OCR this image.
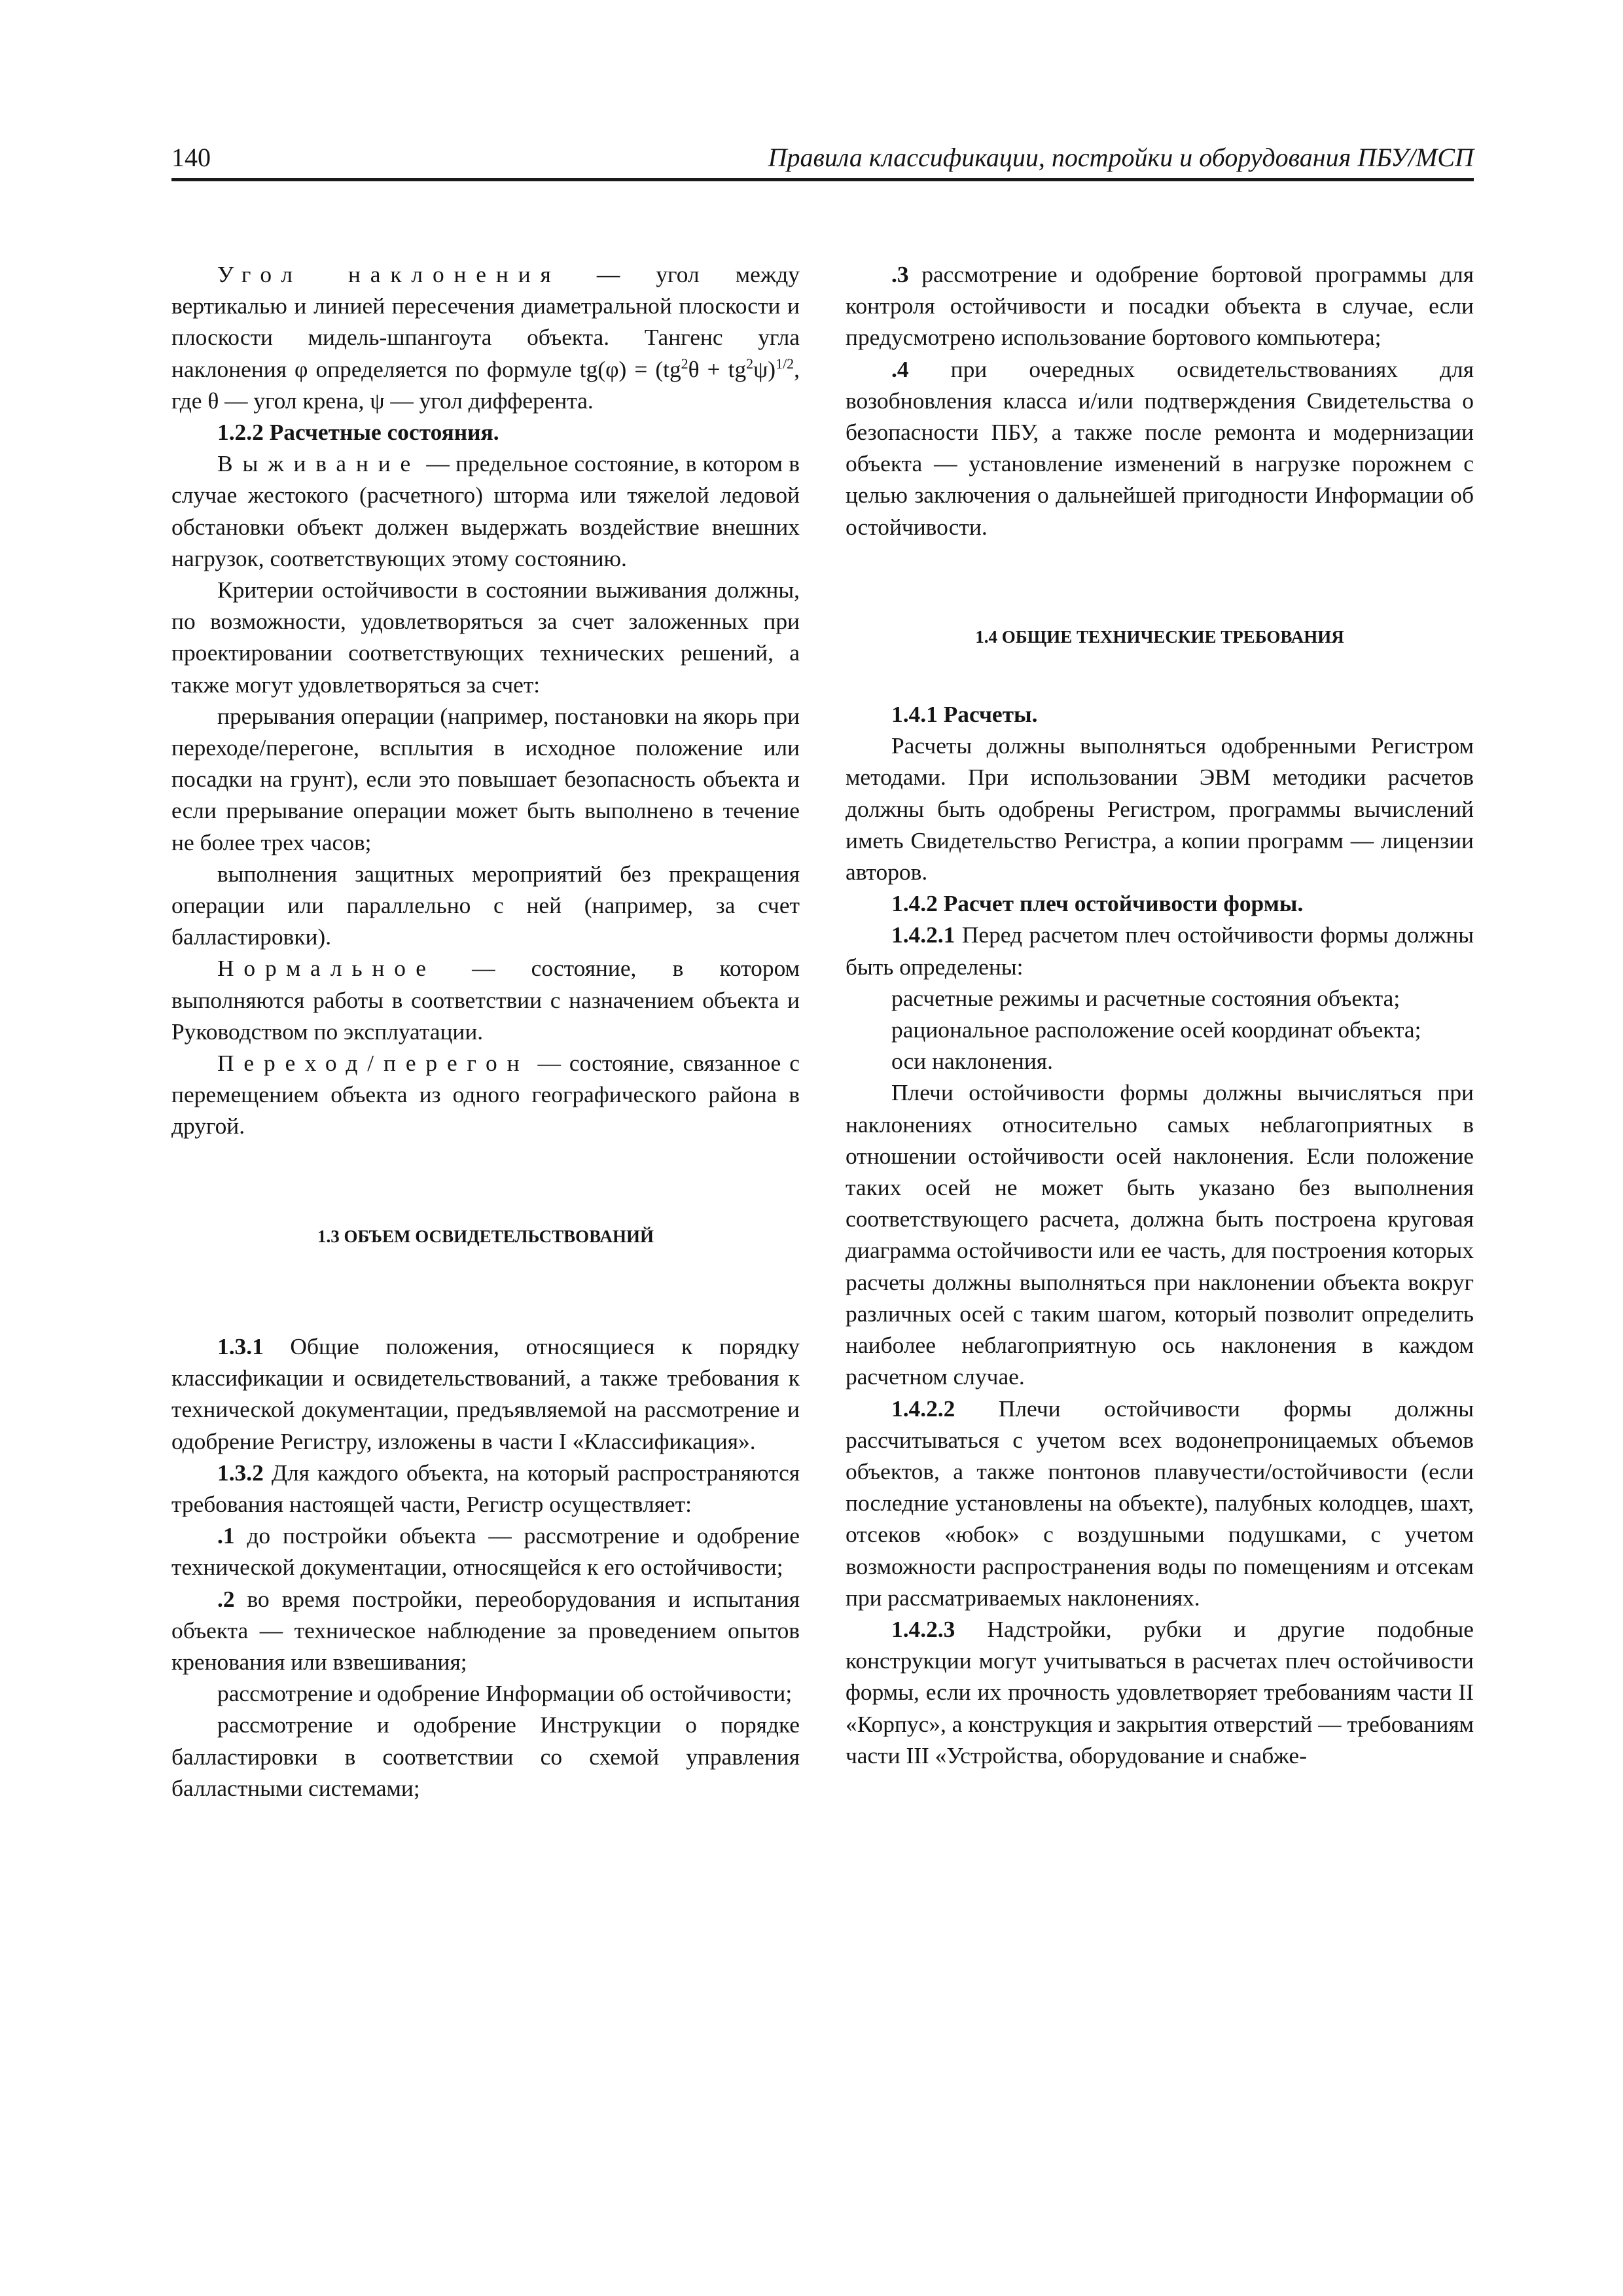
140	Правила классификации, постройки и оборудования ПБУ/МСП

Угол наклонения — угол между вертикалью и линией пересечения диаметральной плоскости и плоскости мидель-шпангоута объекта. Тангенс угла наклонения φ определяется по формуле $tg(\varphi) = (tg^2\theta + tg^2\psi)^{1/2}$, где θ — угол крена, ψ — угол дифферента.

1.2.2 Расчетные состояния.

Выживание — предельное состояние, в котором в случае жестокого (расчетного) шторма или тяжелой ледовой обстановки объект должен выдержать воздействие внешних нагрузок, соответствующих этому состоянию.

Критерии остойчивости в состоянии выживания должны, по возможности, удовлетворяться за счет заложенных при проектировании соответствующих технических решений, а также могут удовлетворяться за счет:

прерывания операции (например, постановки на якорь при переходе/перегоне, всплытия в исходное положение или посадки на грунт), если это повышает безопасность объекта и если прерывание операции может быть выполнено в течение не более трех часов;

выполнения защитных мероприятий без прекращения операции или параллельно с ней (например, за счет балластировки).

Нормальное — состояние, в котором выполняются работы в соответствии с назначением объекта и Руководством по эксплуатации.

Переход/перегон — состояние, связанное с перемещением объекта из одного географического района в другой.

1.3 ОБЪЕМ ОСВИДЕТЕЛЬСТВОВАНИЙ

1.3.1 Общие положения, относящиеся к порядку классификации и освидетельствований, а также требования к технической документации, предъявляемой на рассмотрение и одобрение Регистру, изложены в части I «Классификация».

1.3.2 Для каждого объекта, на который распространяются требования настоящей части, Регистр осуществляет:

.1 до постройки объекта — рассмотрение и одобрение технической документации, относящейся к его остойчивости;

.2 во время постройки, переоборудования и испытания объекта — техническое наблюдение за проведением опытов кренования или взвешивания;

рассмотрение и одобрение Информации об остойчивости;

рассмотрение и одобрение Инструкции о порядке балластировки в соответствии со схемой управления балластными системами;

.3 рассмотрение и одобрение бортовой программы для контроля остойчивости и посадки объекта в случае, если предусмотрено использование бортового компьютера;

.4 при очередных освидетельствованиях для возобновления класса и/или подтверждения Свидетельства о безопасности ПБУ, а также после ремонта и модернизации объекта — установление изменений в нагрузке порожнем с целью заключения о дальнейшей пригодности Информации об остойчивости.

1.4 ОБЩИЕ ТЕХНИЧЕСКИЕ ТРЕБОВАНИЯ

1.4.1 Расчеты.

Расчеты должны выполняться одобренными Регистром методами. При использовании ЭВМ методики расчетов должны быть одобрены Регистром, программы вычислений иметь Свидетельство Регистра, а копии программ — лицензии авторов.

1.4.2 Расчет плеч остойчивости формы.

1.4.2.1 Перед расчетом плеч остойчивости формы должны быть определены:

расчетные режимы и расчетные состояния объекта;

рациональное расположение осей координат объекта;

оси наклонения.

Плечи остойчивости формы должны вычисляться при наклонениях относительно самых неблагоприятных в отношении остойчивости осей наклонения. Если положение таких осей не может быть указано без выполнения соответствующего расчета, должна быть построена круговая диаграмма остойчивости или ее часть, для построения которых расчеты должны выполняться при наклонении объекта вокруг различных осей с таким шагом, который позволит определить наиболее неблагоприятную ось наклонения в каждом расчетном случае.

1.4.2.2 Плечи остойчивости формы должны рассчитываться с учетом всех водонепроницаемых объемов объектов, а также понтонов плавучести/остойчивости (если последние установлены на объекте), палубных колодцев, шахт, отсеков «юбок» с воздушными подушками, с учетом возможности распространения воды по помещениям и отсекам при рассматриваемых наклонениях.

1.4.2.3 Надстройки, рубки и другие подобные конструкции могут учитываться в расчетах плеч остойчивости формы, если их прочность удовлетворяет требованиям части II «Корпус», а конструкция и закрытия отверстий — требованиям части III «Устройства, оборудование и снабже-
